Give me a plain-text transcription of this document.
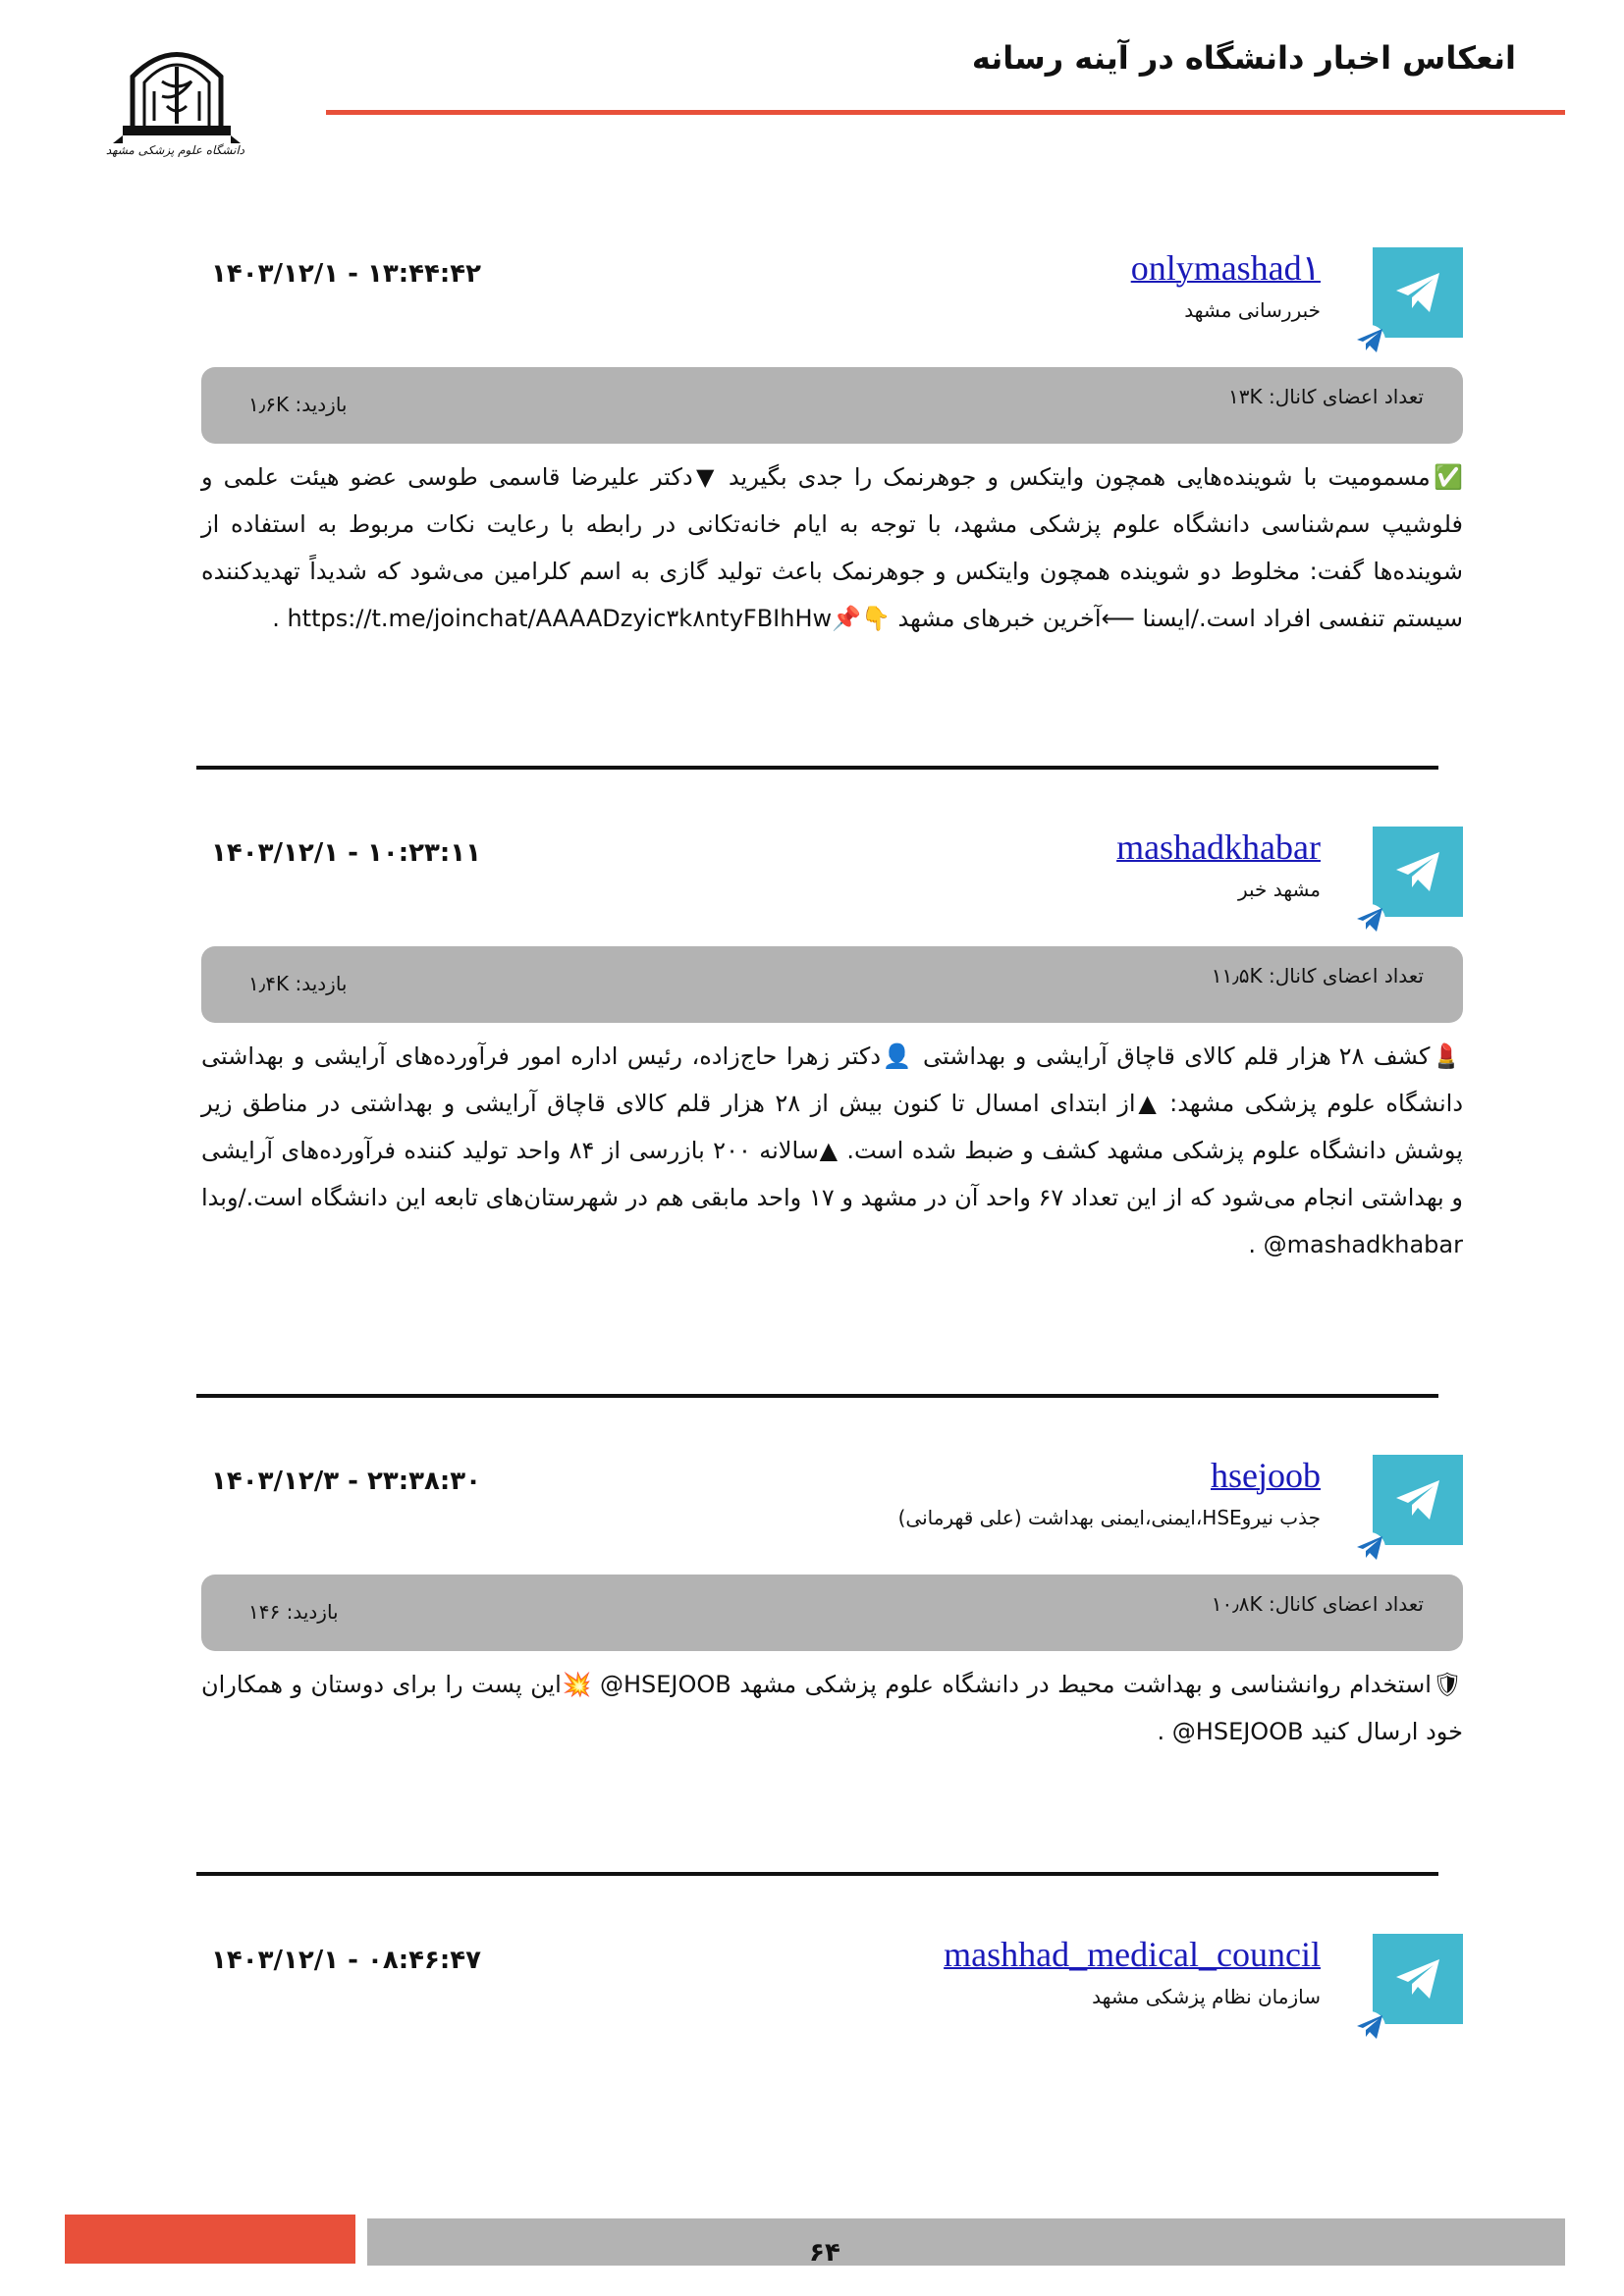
دانشگاه علوم پزشکی مشهد
انعکاس اخبار دانشگاه در آینه رسانه
onlymashad۱
خبررسانی مشهد
۱۴۰۳/۱۲/۱ - ۱۳:۴۴:۴۲
تعداد اعضای کانال: ۱۳K
بازدید: ۱٫۶K
✅مسمومیت با شوینده‌هایی همچون وایتکس و جوهرنمک را جدی بگیرید ▼دکتر علیرضا قاسمی طوسی عضو هیئت علمی و فلوشیپ سم‌شناسی دانشگاه علوم پزشکی مشهد، با توجه به ایام خانه‌تکانی در رابطه با رعایت نکات مربوط به استفاده از شوینده‌ها گفت: مخلوط دو شوینده همچون وایتکس و جوهرنمک باعث تولید گازی به اسم کلرامین می‌شود که شدیداً تهدیدکننده سیستم تنفسی افراد است./ایسنا ⟵آخرین خبرهای مشهد 👇📌https://t.me/joinchat/AAAADzyic۳k۸ntyFBIhHw .
mashadkhabar
مشهد خبر
۱۴۰۳/۱۲/۱ - ۱۰:۲۳:۱۱
تعداد اعضای کانال: ۱۱٫۵K
بازدید: ۱٫۴K
💄کشف ۲۸ هزار قلم کالای قاچاق آرایشی و بهداشتی 👤دکتر زهرا حاج‌زاده، رئیس اداره امور فرآورده‌های آرایشی و بهداشتی دانشگاه علوم پزشکی مشهد: ▲از ابتدای امسال تا کنون بیش از ۲۸ هزار قلم کالای قاچاق آرایشی و بهداشتی در مناطق زیر پوشش دانشگاه علوم پزشکی مشهد کشف و ضبط شده است. ▲سالانه ۲۰۰ بازرسی از ۸۴ واحد تولید کننده فرآورده‌های آرایشی و بهداشتی انجام می‌شود که از این تعداد ۶۷ واحد آن در مشهد و ۱۷ واحد مابقی هم در شهرستان‌های تابعه این دانشگاه است./وبدا mashadkhabar@ .
hsejoob
جذب نیروHSE،ایمنی،ایمنی بهداشت (علی قهرمانی)
۱۴۰۳/۱۲/۳ - ۲۳:۳۸:۳۰
تعداد اعضای کانال: ۱۰٫۸K
بازدید: ۱۴۶
🛡استخدام روانشناسی و بهداشت محیط در دانشگاه علوم پزشکی مشهد HSEJOOB@ 💥این پست را برای دوستان و همکاران خود ارسال کنید HSEJOOB@ .
mashhad_medical_council
سازمان نظام پزشکی مشهد
۱۴۰۳/۱۲/۱ - ۰۸:۴۶:۴۷
۶۴
